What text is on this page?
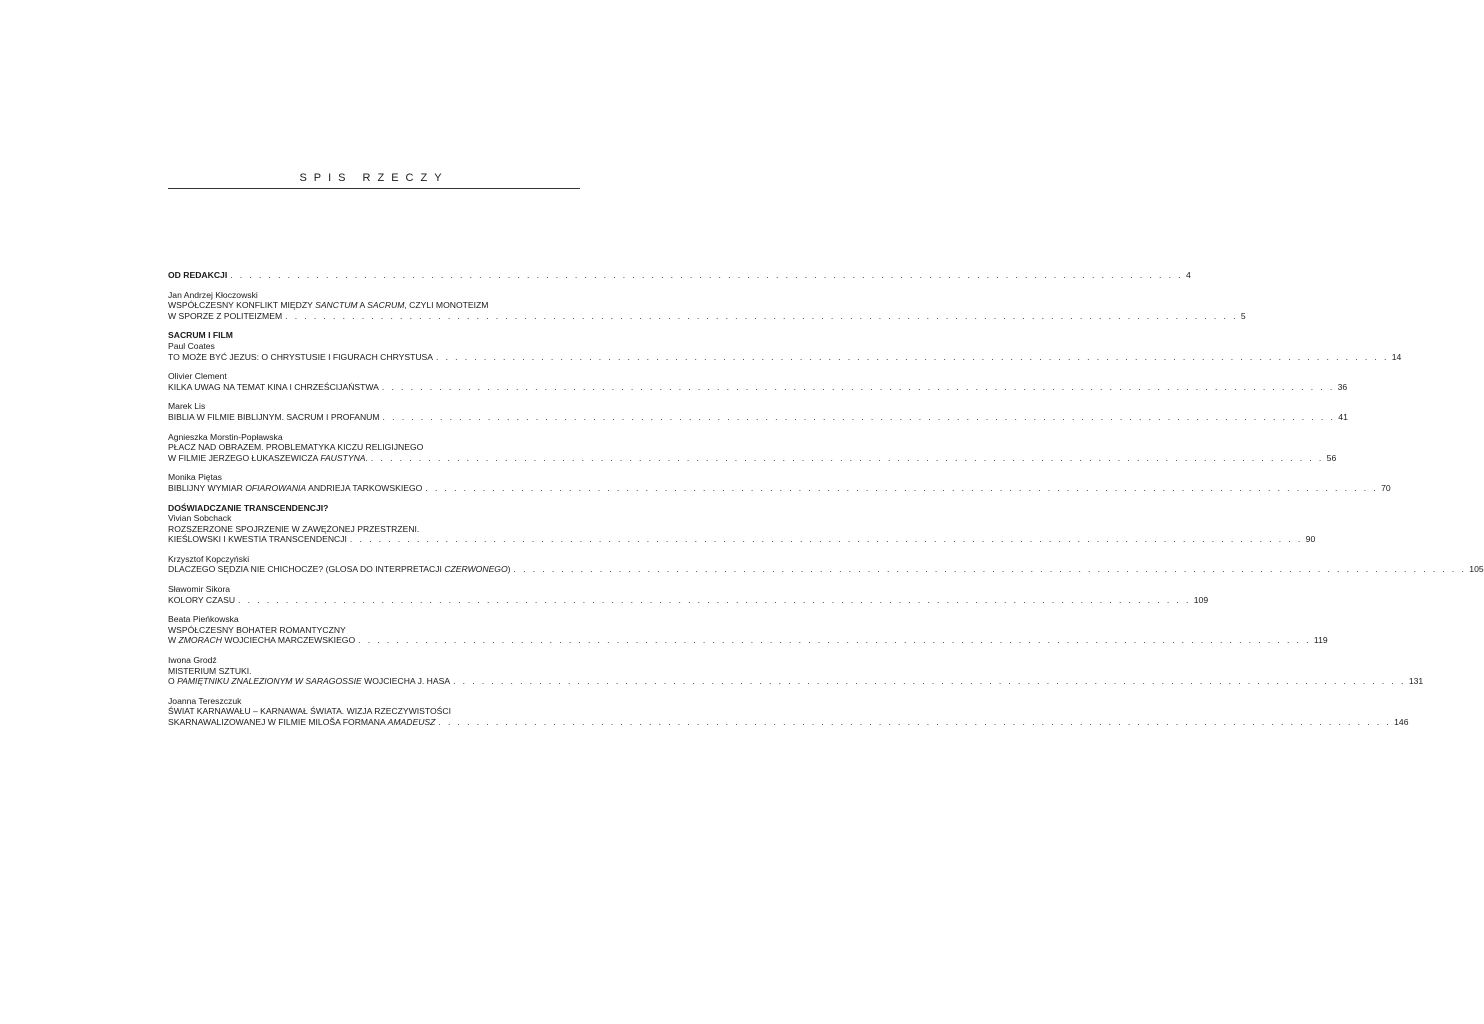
SPIS RZECZY
OD REDAKCJI . . . . . . . . . . . . . . . . . . . . . . . . . . . . . . . . . . . . . . . . . . . . . . . . . . . . . . . . . . . . . . . . . . . . . . . . . . . . . . . . . . . . . . . . . . . . . . . . . . . . 4
Jan Andrzej Kłoczowski
WSPÓŁCZESNY KONFLIKT MIĘDZY SANCTUM A SACRUM, CZYLI MONOTEIZM
W SPORZE Z POLITEIZMEM . . . . . . . . . . . . . . . . . . . . . . . . . . . . . . . . . . . . . . . . . . . . . . . . . . . . . . . . . . . . . . . . . . . . . . . . . . . . . . . . . . . . . . . . . . . . . . . . . . . . 5
SACRUM I FILM
Paul Coates
TO MOŻE BYĆ JEZUS: O CHRYSTUSIE I FIGURACH CHRYSTUSA . . . . . . . . . . . . . . . . . . . . . . . . . . . . . . . . . . . . . . . . . . . . . . . . . . . . . . . . . . . . . . . . . . . . . . . . . . . . . . . . . . . . . . . . . . . . . . . . . . . . 14
Olivier Clement
KILKA UWAG NA TEMAT KINA I CHRZEŚCIJAŃSTWA . . . . . . . . . . . . . . . . . . . . . . . . . . . . . . . . . . . . . . . . . . . . . . . . . . . . . . . . . . . . . . . . . . . . . . . . . . . . . . . . . . . . . . . . . . . . . . . . . . . . 36
Marek Lis
BIBLIA W FILMIE BIBLIJNYM. SACRUM I PROFANUM . . . . . . . . . . . . . . . . . . . . . . . . . . . . . . . . . . . . . . . . . . . . . . . . . . . . . . . . . . . . . . . . . . . . . . . . . . . . . . . . . . . . . . . . . . . . . . . . . . . . 41
Agnieszka Morstin-Popławska
PŁACZ NAD OBRAZEM. PROBLEMATYKA KICZU RELIGIJNEGO
W FILMIE JERZEGO ŁUKASZEWICZA FAUSTYNA. . . . . . . . . . . . . . . . . . . . . . . . . . . . . . . . . . . . . . . . . . . . . . . . . . . . . . . . . . . . . . . . . . . . . . . . . . . . . . . . . . . . . . . . . . . . . . . . . . . . . 56
Monika Piętas
BIBLIJNY WYMIAR OFIAROWANIA ANDRIEJA TARKOWSKIEGO . . . . . . . . . . . . . . . . . . . . . . . . . . . . . . . . . . . . . . . . . . . . . . . . . . . . . . . . . . . . . . . . . . . . . . . . . . . . . . . . . . . . . . . . . . . . . . . . . . . . 70
DOŚWIADCZANIE TRANSCENDENCJI?
Vivian Sobchack
ROZSZERZONE SPOJRZENIE W ZAWĘŻONEJ PRZESTRZENI.
KIEŚLOWSKI I KWESTIA TRANSCENDENCJI . . . . . . . . . . . . . . . . . . . . . . . . . . . . . . . . . . . . . . . . . . . . . . . . . . . . . . . . . . . . . . . . . . . . . . . . . . . . . . . . . . . . . . . . . . . . . . . . . . . . 90
Krzysztof Kopczyński
DLACZEGO SĘDZIA NIE CHICHOCZE? (GLOSA DO INTERPRETACJI CZERWONEGO) . . . . . . . . . . . . . . . . . . . . . . . . . . . . . . . . . . . . . . . . . . . . . . . . . . . . . . . . . . . . . . . . . . . . . . . . . . . . . . . . . . . . . . . . . . . . . . . . . . . . 105
Sławomir Sikora
KOLORY CZASU . . . . . . . . . . . . . . . . . . . . . . . . . . . . . . . . . . . . . . . . . . . . . . . . . . . . . . . . . . . . . . . . . . . . . . . . . . . . . . . . . . . . . . . . . . . . . . . . . . . . 109
Beata Pieńkowska
WSPÓŁCZESNY BOHATER ROMANTYCZNY
W ZMORACH WOJCIECHA MARCZEWSKIEGO . . . . . . . . . . . . . . . . . . . . . . . . . . . . . . . . . . . . . . . . . . . . . . . . . . . . . . . . . . . . . . . . . . . . . . . . . . . . . . . . . . . . . . . . . . . . . . . . . . . . 119
Iwona Grodź
MISTERIUM SZTUKI.
O PAMIĘTNIKU ZNALEZIONYM W SARAGOSSIE WOJCIECHA J. HASA . . . . . . . . . . . . . . . . . . . . . . . . . . . . . . . . . . . . . . . . . . . . . . . . . . . . . . . . . . . . . . . . . . . . . . . . . . . . . . . . . . . . . . . . . . . . . . . . . . . . 131
Joanna Tereszczuk
ŚWIAT KARNAWAŁU – KARNAWAŁ ŚWIATA. WIZJA RZECZYWISTOŚCI
SKARNAWALIZOWANEJ W FILMIE MILOŠA FORMANA AMADEUSZ . . . . . . . . . . . . . . . . . . . . . . . . . . . . . . . . . . . . . . . . . . . . . . . . . . . . . . . . . . . . . . . . . . . . . . . . . . . . . . . . . . . . . . . . . . . . . . . . . . . . 146
